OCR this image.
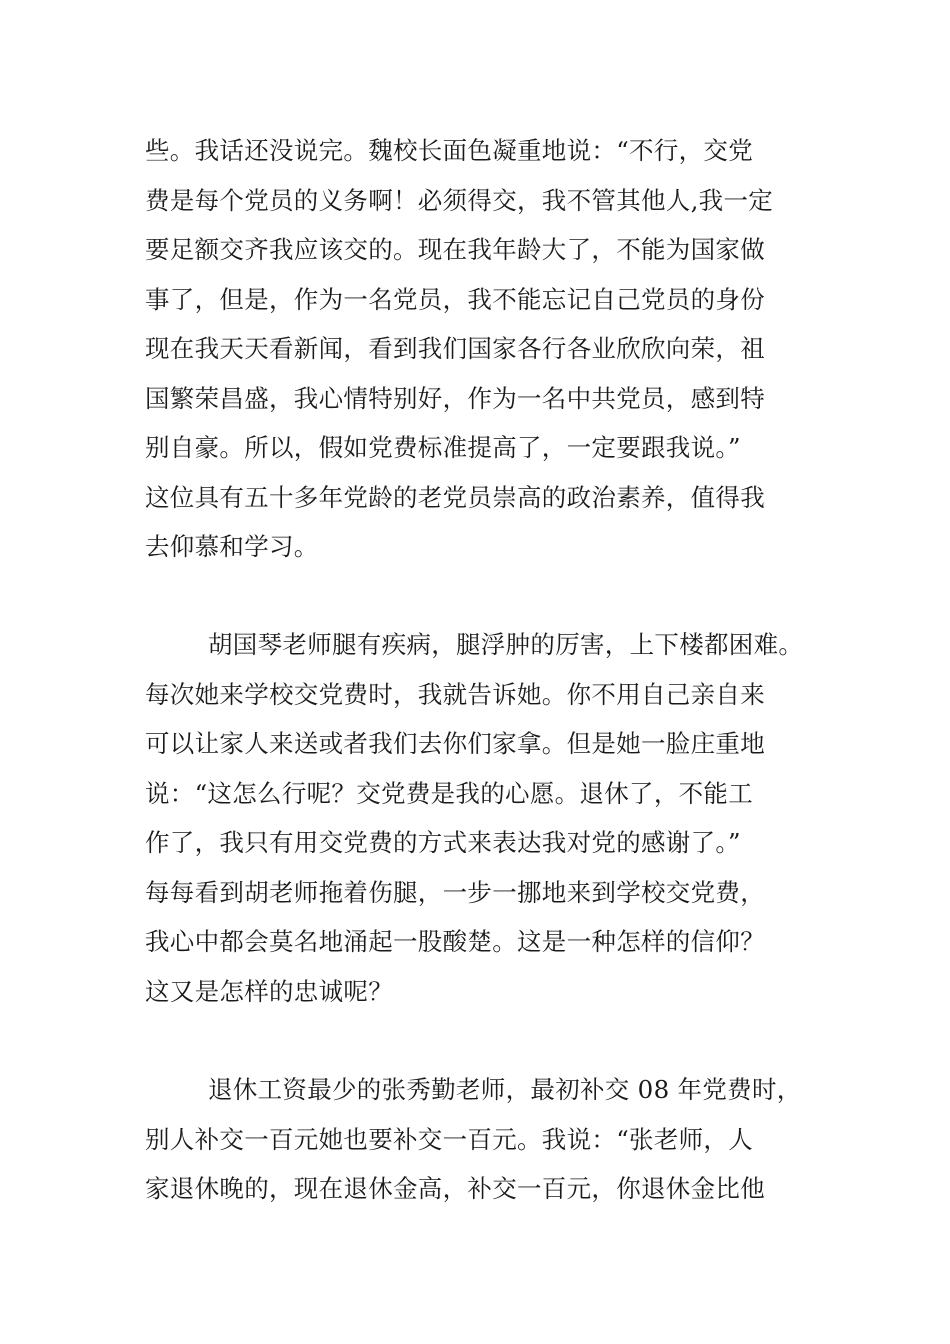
些。我话还没说完。魏校长面色凝重地说：“不行，交党
费是每个党员的义务啊！必须得交，我不管其他人,我一定
要足额交齐我应该交的。现在我年龄大了，不能为国家做
事了，但是，作为一名党员，我不能忘记自己党员的身份
现在我天天看新闻，看到我们国家各行各业欣欣向荣，祖
国繁荣昌盛，我心情特别好，作为一名中共党员，感到特
别自豪。所以，假如党费标准提高了，一定要跟我说。”
这位具有五十多年党龄的老党员崇高的政治素养，值得我
去仰慕和学习。
胡国琴老师腿有疾病，腿浮肿的厉害，上下楼都困难。
每次她来学校交党费时，我就告诉她。你不用自己亲自来
可以让家人来送或者我们去你们家拿。但是她一脸庄重地
说：“这怎么行呢？交党费是我的心愿。退休了，不能工
作了，我只有用交党费的方式来表达我对党的感谢了。”
每每看到胡老师拖着伤腿，一步一挪地来到学校交党费，
我心中都会莫名地涌起一股酸楚。这是一种怎样的信仰？
这又是怎样的忠诚呢？
退休工资最少的张秀勤老师，最初补交 08 年党费时，
别人补交一百元她也要补交一百元。我说：“张老师，人
家退休晚的，现在退休金高，补交一百元，你退休金比他
